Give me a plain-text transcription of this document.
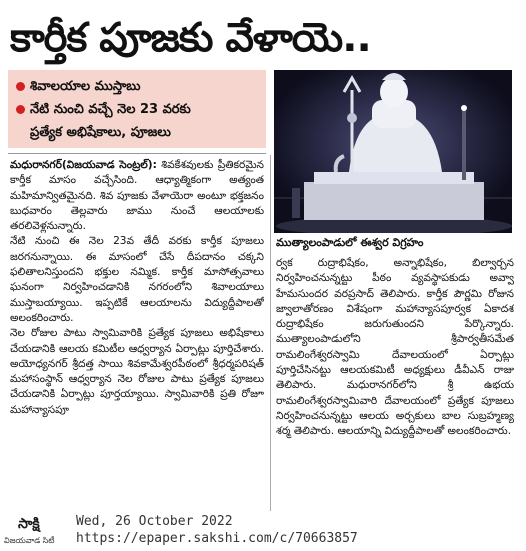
కార్తీక పూజకు వేళాయె..
శివాలయాల ముస్తాబు
నేటి నుంచి వచ్చే నెల 23 వరకు
ప్రత్యేక అభిషేకాలు, పూజలు

మధురానగర్‌(విజయవాడ సెంట్రల్‌): శివకేశవులకు ప్రీతికరమైన కార్తీక మాసం వచ్చేసింది. ఆధ్యాత్మికంగా అత్యంత మహిమాన్వితమైనది. శివ పూజకు వేళాయెరా అంటూ భక్తజనం బుధవారం తెల్లవారు జాము నుంచే ఆలయాలకు తరలివెళ్లనున్నారు.

నేటి నుంచి ఈ నెల 23వ తేదీ వరకు కార్తీక పూజలు జరగనున్నాయి. ఈ మాసంలో చేసే దీపదానం చక్కని ఫలితాలనిస్తుందని భక్తుల నమ్మిక. కార్తీక మాసోత్సవాలు ఘనంగా నిర్వహించడానికి నగరంలోని శివాలయాలు ముస్తాబయ్యాయి. ఇప్పటికే ఆలయాలను విద్యుద్దీపాలతో అలంకరించారు.

నెల రోజుల పాటు స్వామివారికి ప్రత్యేక పూజలు అభిషేకాలు చేయడానికి ఆలయ కమిటీల ఆధ్వర్యాన ఏర్పాట్లు పూర్తిచేశారు. అయోధ్యనగర్‌ శ్రీదత్త సాయి శివకామేశ్వరపీఠంలో శ్రీధర్మపరిషత్‌ మహాసంస్థాన్‌ ఆధ్వర్యాన నెల రోజుల పాటు ప్రత్యేక పూజలు చేయడానికి ఏర్పాట్లు పూర్తయ్యాయి. స్వామివారికి ప్రతి రోజూ మహాన్యాసపూ

ముత్యాలంపాడులో ఈశ్వర విగ్రహం

ర్వక రుద్రాభిషేకం, అన్నాభిషేకం, బిల్వార్చన నిర్వహించనున్నట్టు పీఠం వ్యవస్థాపకుడు అవ్వా హేమసుందర వరప్రసాద్‌ తెలిపారు. కార్తీక పౌర్ణమి రోజున జ్వాలాతోరణం విశేషంగా మహాన్యాసపూర్వక ఏకాదశ రుద్రాభిషేకం జరుగుతుందని పేర్కొన్నారు. ముత్యాలంపాడులోని శ్రీపార్వతీసమేత రామలింగేశ్వరస్వామి దేవాలయంలో ఏర్పాట్లు పూర్తిచేసినట్టు ఆలయకమిటీ అధ్యక్షులు డీవీఎన్‌ రాజు తెలిపారు. మధురానగర్‌లోని శ్రీ ఉభయ రామలింగేశ్వరస్వామివారి దేవాలయంలో ప్రత్యేక పూజలు నిర్వహించనున్నట్టు ఆలయ అర్చకులు బాల సుబ్రహ్మణ్య శర్మ తెలిపారు. ఆలయాన్ని విద్యుద్దీపాలతో అలంకరించారు.

సాక్షి
విజయవాడ సిటీ
Wed, 26 October 2022
https://epaper.sakshi.com/c/70663857
